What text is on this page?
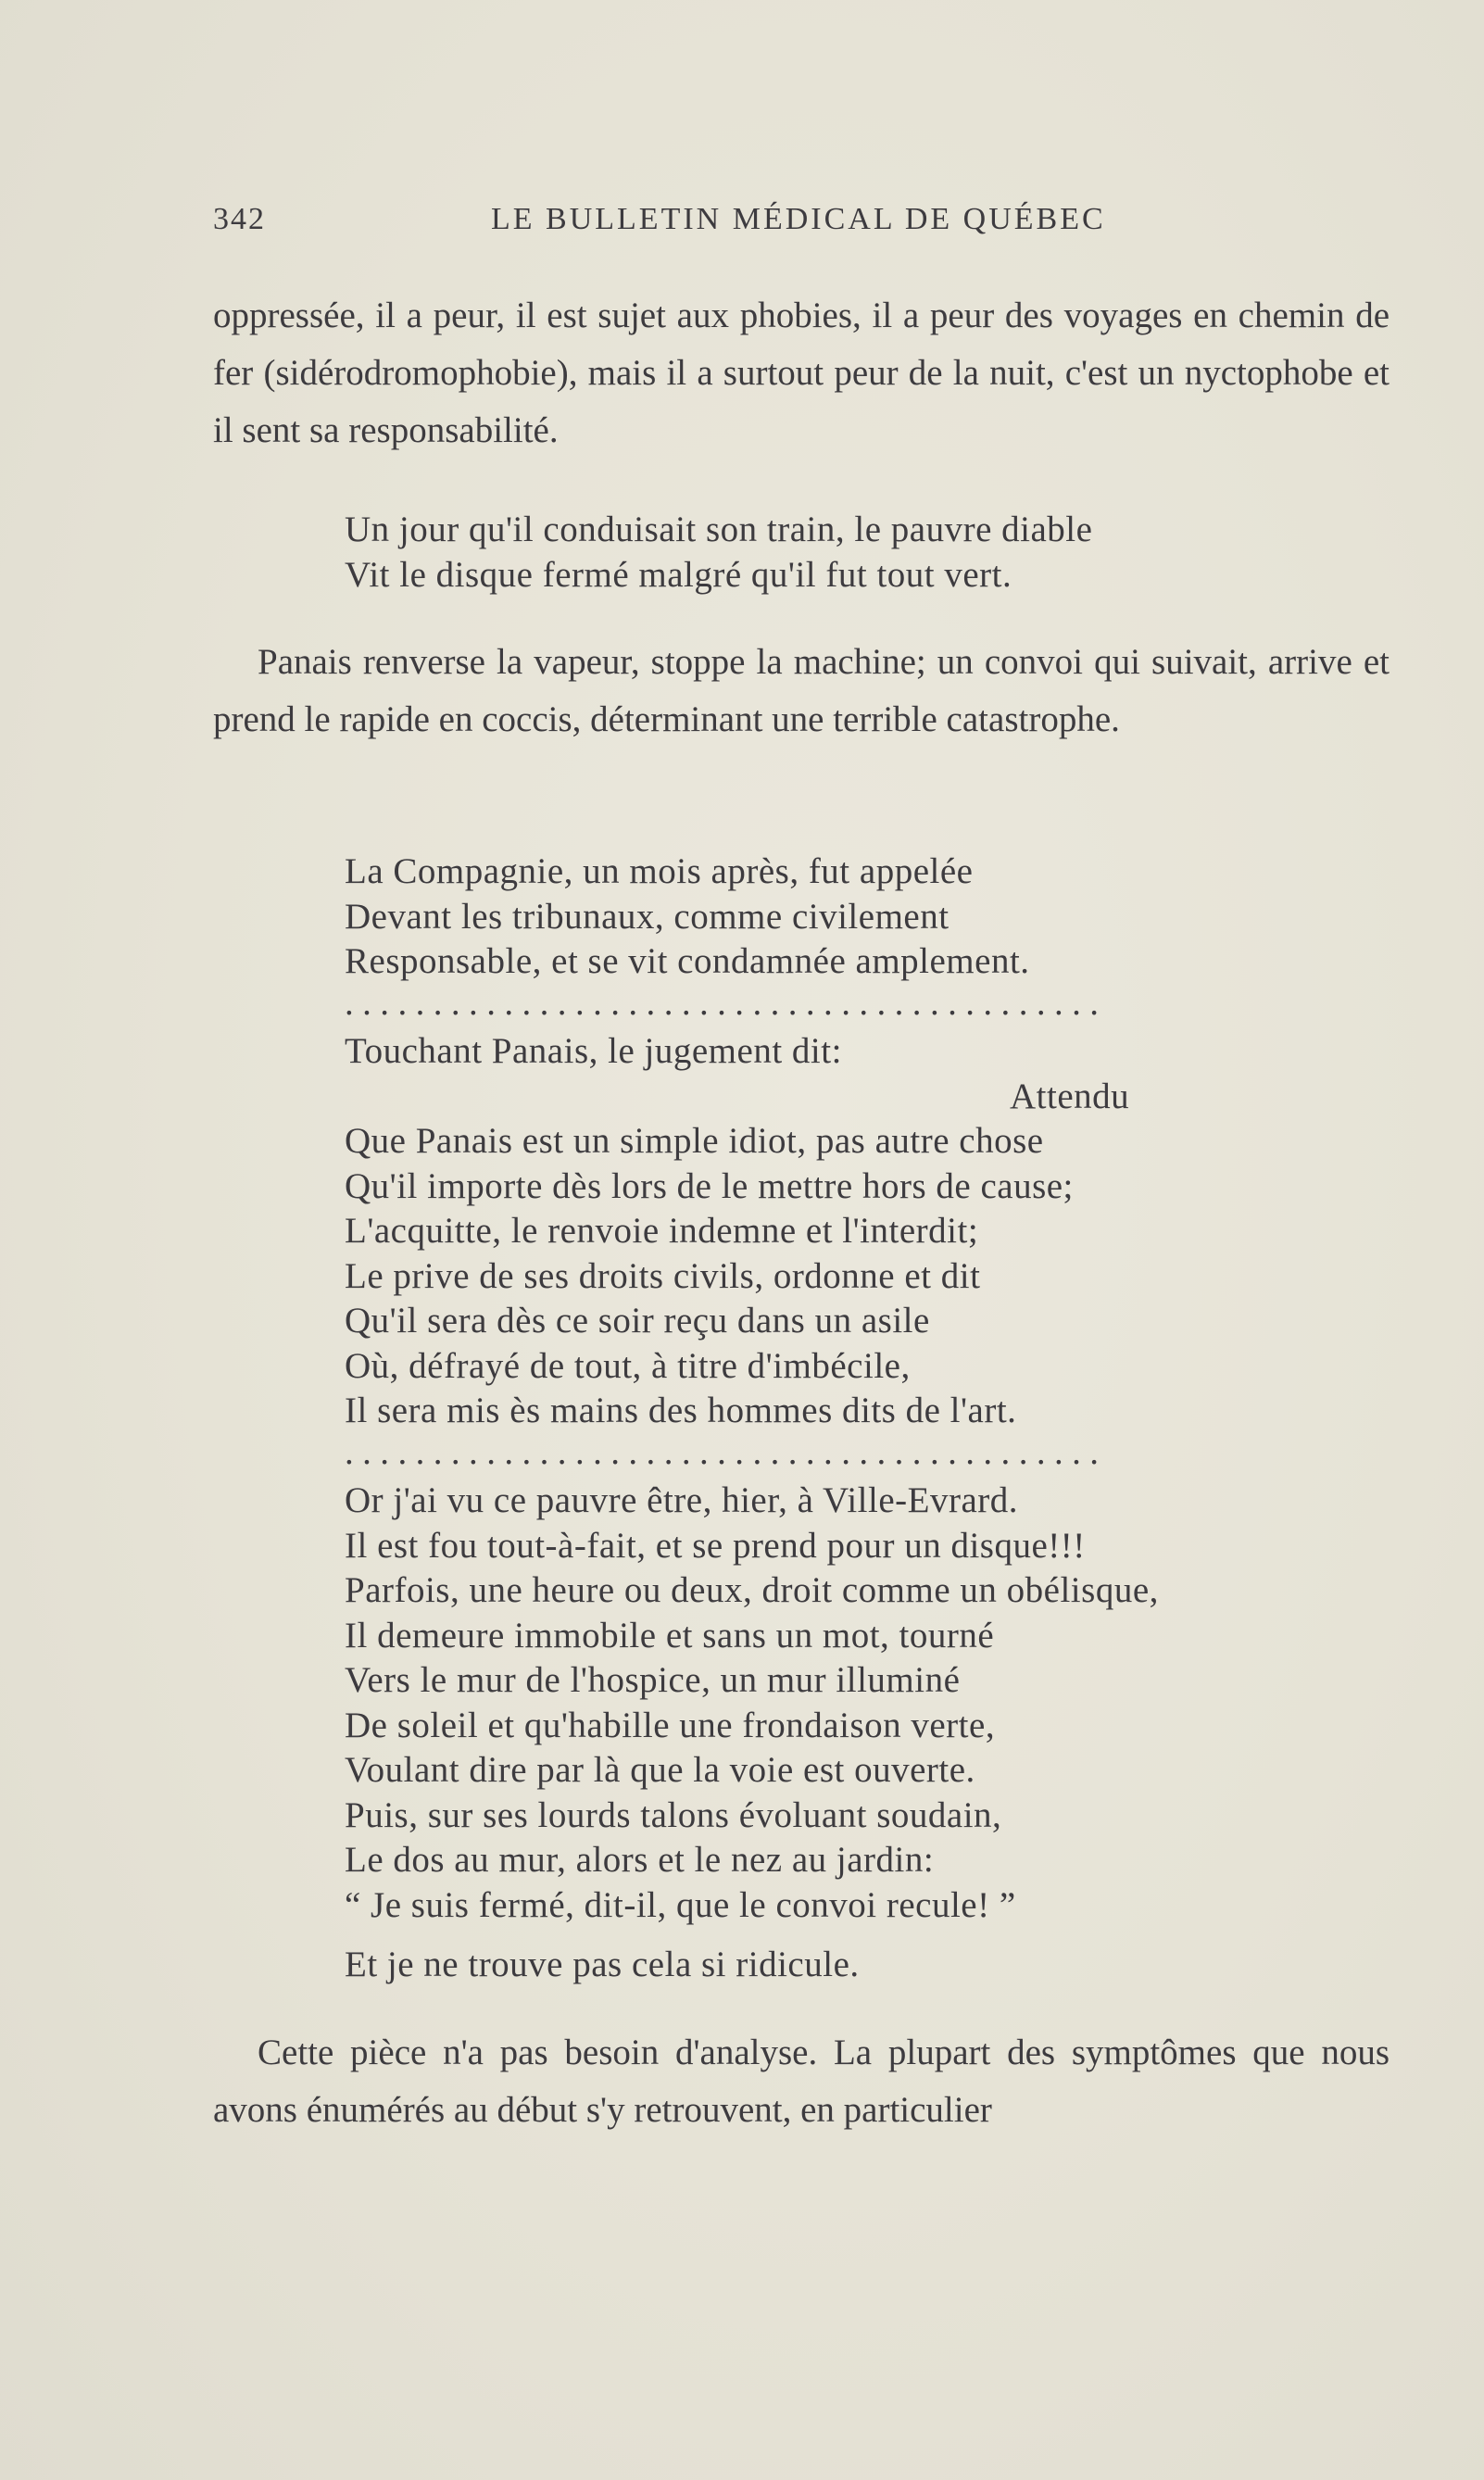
342	LE BULLETIN MÉDICAL DE QUÉBEC

oppressée, il a peur, il est sujet aux phobies, il a peur des voyages en chemin de fer (sidérodromophobie), mais il a surtout peur de la nuit, c'est un nyctophobe et il sent sa responsabilité.

Un jour qu'il conduisait son train, le pauvre diable
Vit le disque fermé malgré qu'il fut tout vert.

Panais renverse la vapeur, stoppe la machine; un convoi qui suivait, arrive et prend le rapide en coccis, déterminant une terrible catastrophe.

La Compagnie, un mois après, fut appelée
Devant les tribunaux, comme civilement
Responsable, et se vit condamnée amplement.
...........................................
Touchant Panais, le jugement dit:
Attendu
Que Panais est un simple idiot, pas autre chose
Qu'il importe dès lors de le mettre hors de cause;
L'acquitte, le renvoie indemne et l'interdit;
Le prive de ses droits civils, ordonne et dit
Qu'il sera dès ce soir reçu dans un asile
Où, défrayé de tout, à titre d'imbécile,
Il sera mis ès mains des hommes dits de l'art.
...........................................
Or j'ai vu ce pauvre être, hier, à Ville-Evrard.
Il est fou tout-à-fait, et se prend pour un disque!!!
Parfois, une heure ou deux, droit comme un obélisque,
Il demeure immobile et sans un mot, tourné
Vers le mur de l'hospice, un mur illuminé
De soleil et qu'habille une frondaison verte,
Voulant dire par là que la voie est ouverte.
Puis, sur ses lourds talons évoluant soudain,
Le dos au mur, alors et le nez au jardin:
“ Je suis fermé, dit-il, que le convoi recule! ”
Et je ne trouve pas cela si ridicule.

Cette pièce n'a pas besoin d'analyse. La plupart des symptômes que nous avons énumérés au début s'y retrouvent, en particulier
